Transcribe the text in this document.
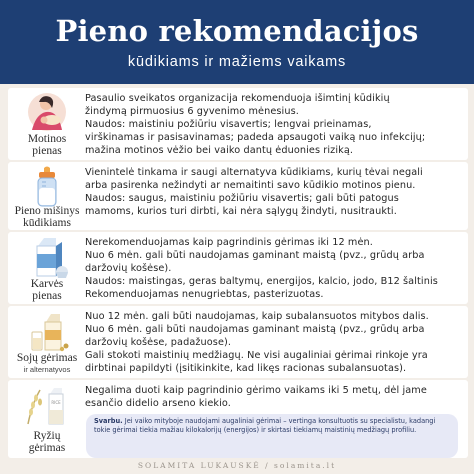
Pieno rekomendacijos
kūdikiams ir mažiems vaikams
Motinos
pienas
Pasaulio sveikatos organizacija rekomenduoja išimtinį kūdikių
žindymą pirmuosius 6 gyvenimo mėnesius.
Naudos: maistiniu požiūriu visavertis; lengvai prieinamas,
virškinamas ir pasisavinamas; padeda apsaugoti vaiką nuo infekcijų;
mažina motinos vėžio bei vaiko dantų ėduonies riziką.
Pieno mišinys
kūdikiams
Vienintelė tinkama ir saugi alternatyva kūdikiams, kurių tėvai negali
arba pasirenka nežindyti ar nemaitinti savo kūdikio motinos pienu.
Naudos: saugus, maistiniu požiūriu visavertis; gali būti patogus
mamoms, kurios turi dirbti, kai nėra sąlygų žindyti, nusitraukti.
Karvės
pienas
Nerekomenduojamas kaip pagrindinis gėrimas iki 12 mėn.
Nuo 6 mėn. gali būti naudojamas gaminant maistą (pvz., grūdų arba
daržovių košėse).
Naudos: maistingas, geras baltymų, energijos, kalcio, jodo, B12 šaltinis
Rekomenduojamas nenugriebtas, pasterizuotas.
Sojų gėrimas
ir alternatyvos
Nuo 12 mėn. gali būti naudojamas, kaip subalansuotos mitybos dalis.
Nuo 6 mėn. gali būti naudojamas gaminant maistą (pvz., grūdų arba
daržovių košėse, padažuose).
Gali stokoti maistinių medžiagų. Ne visi augaliniai gėrimai rinkoje yra
dirbtinai papildyti (įsitikinkite, kad likęs racionas subalansuotas).
RICE
Ryžių
gėrimas
Negalima duoti kaip pagrindinio gėrimo vaikams iki 5 metų, dėl jame
esančio didelio arseno kiekio.
Svarbu. Jei vaiko mityboje naudojami augaliniai gėrimai – vertinga konsultuotis su specialistu, kadangi tokie gėrimai tiekia mažiau kilokalorijų (energijos) ir skirtasi tiekiamų maistinių medžiagų profiliu.
SOLAMITA LUKAUSKĖ / solamita.lt
